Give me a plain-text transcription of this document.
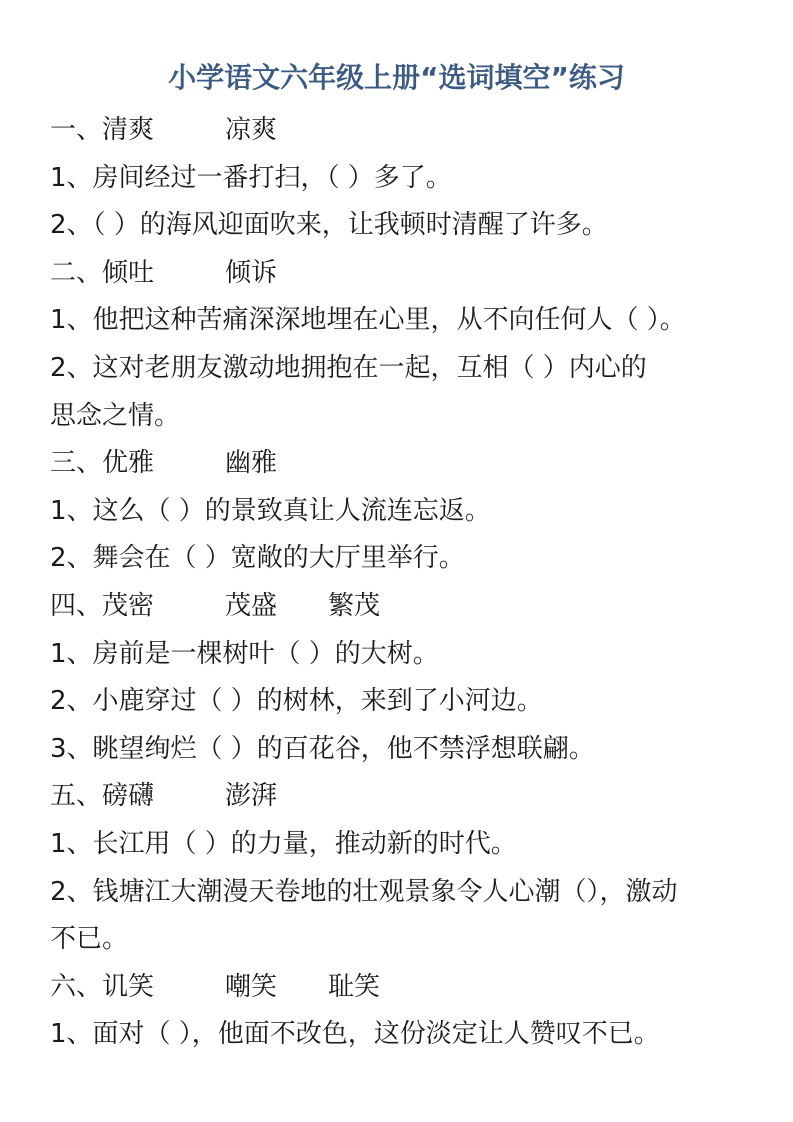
小学语文六年级上册“选词填空”练习
一、清爽	凉爽
1、房间经过一番打扫，（ ）多了。
2、（ ）的海风迎面吹来，让我顿时清醒了许多。
二、倾吐	倾诉
1、他把这种苦痛深深地埋在心里，从不向任何人（ ）。
2、这对老朋友激动地拥抱在一起，互相（ ）内心的
思念之情。
三、优雅	幽雅
1、这么（ ）的景致真让人流连忘返。
2、舞会在（ ）宽敞的大厅里举行。
四、茂密	茂盛 繁茂
1、房前是一棵树叶（ ）的大树。
2、小鹿穿过（ ）的树林，来到了小河边。
3、眺望绚烂（ ）的百花谷，他不禁浮想联翩。
五、磅礴	澎湃
1、长江用（ ）的力量，推动新的时代。
2、钱塘江大潮漫天卷地的壮观景象令人心潮（），激动
不已。
六、讥笑	嘲笑 耻笑
1、面对（ ），他面不改色，这份淡定让人赞叹不已。
